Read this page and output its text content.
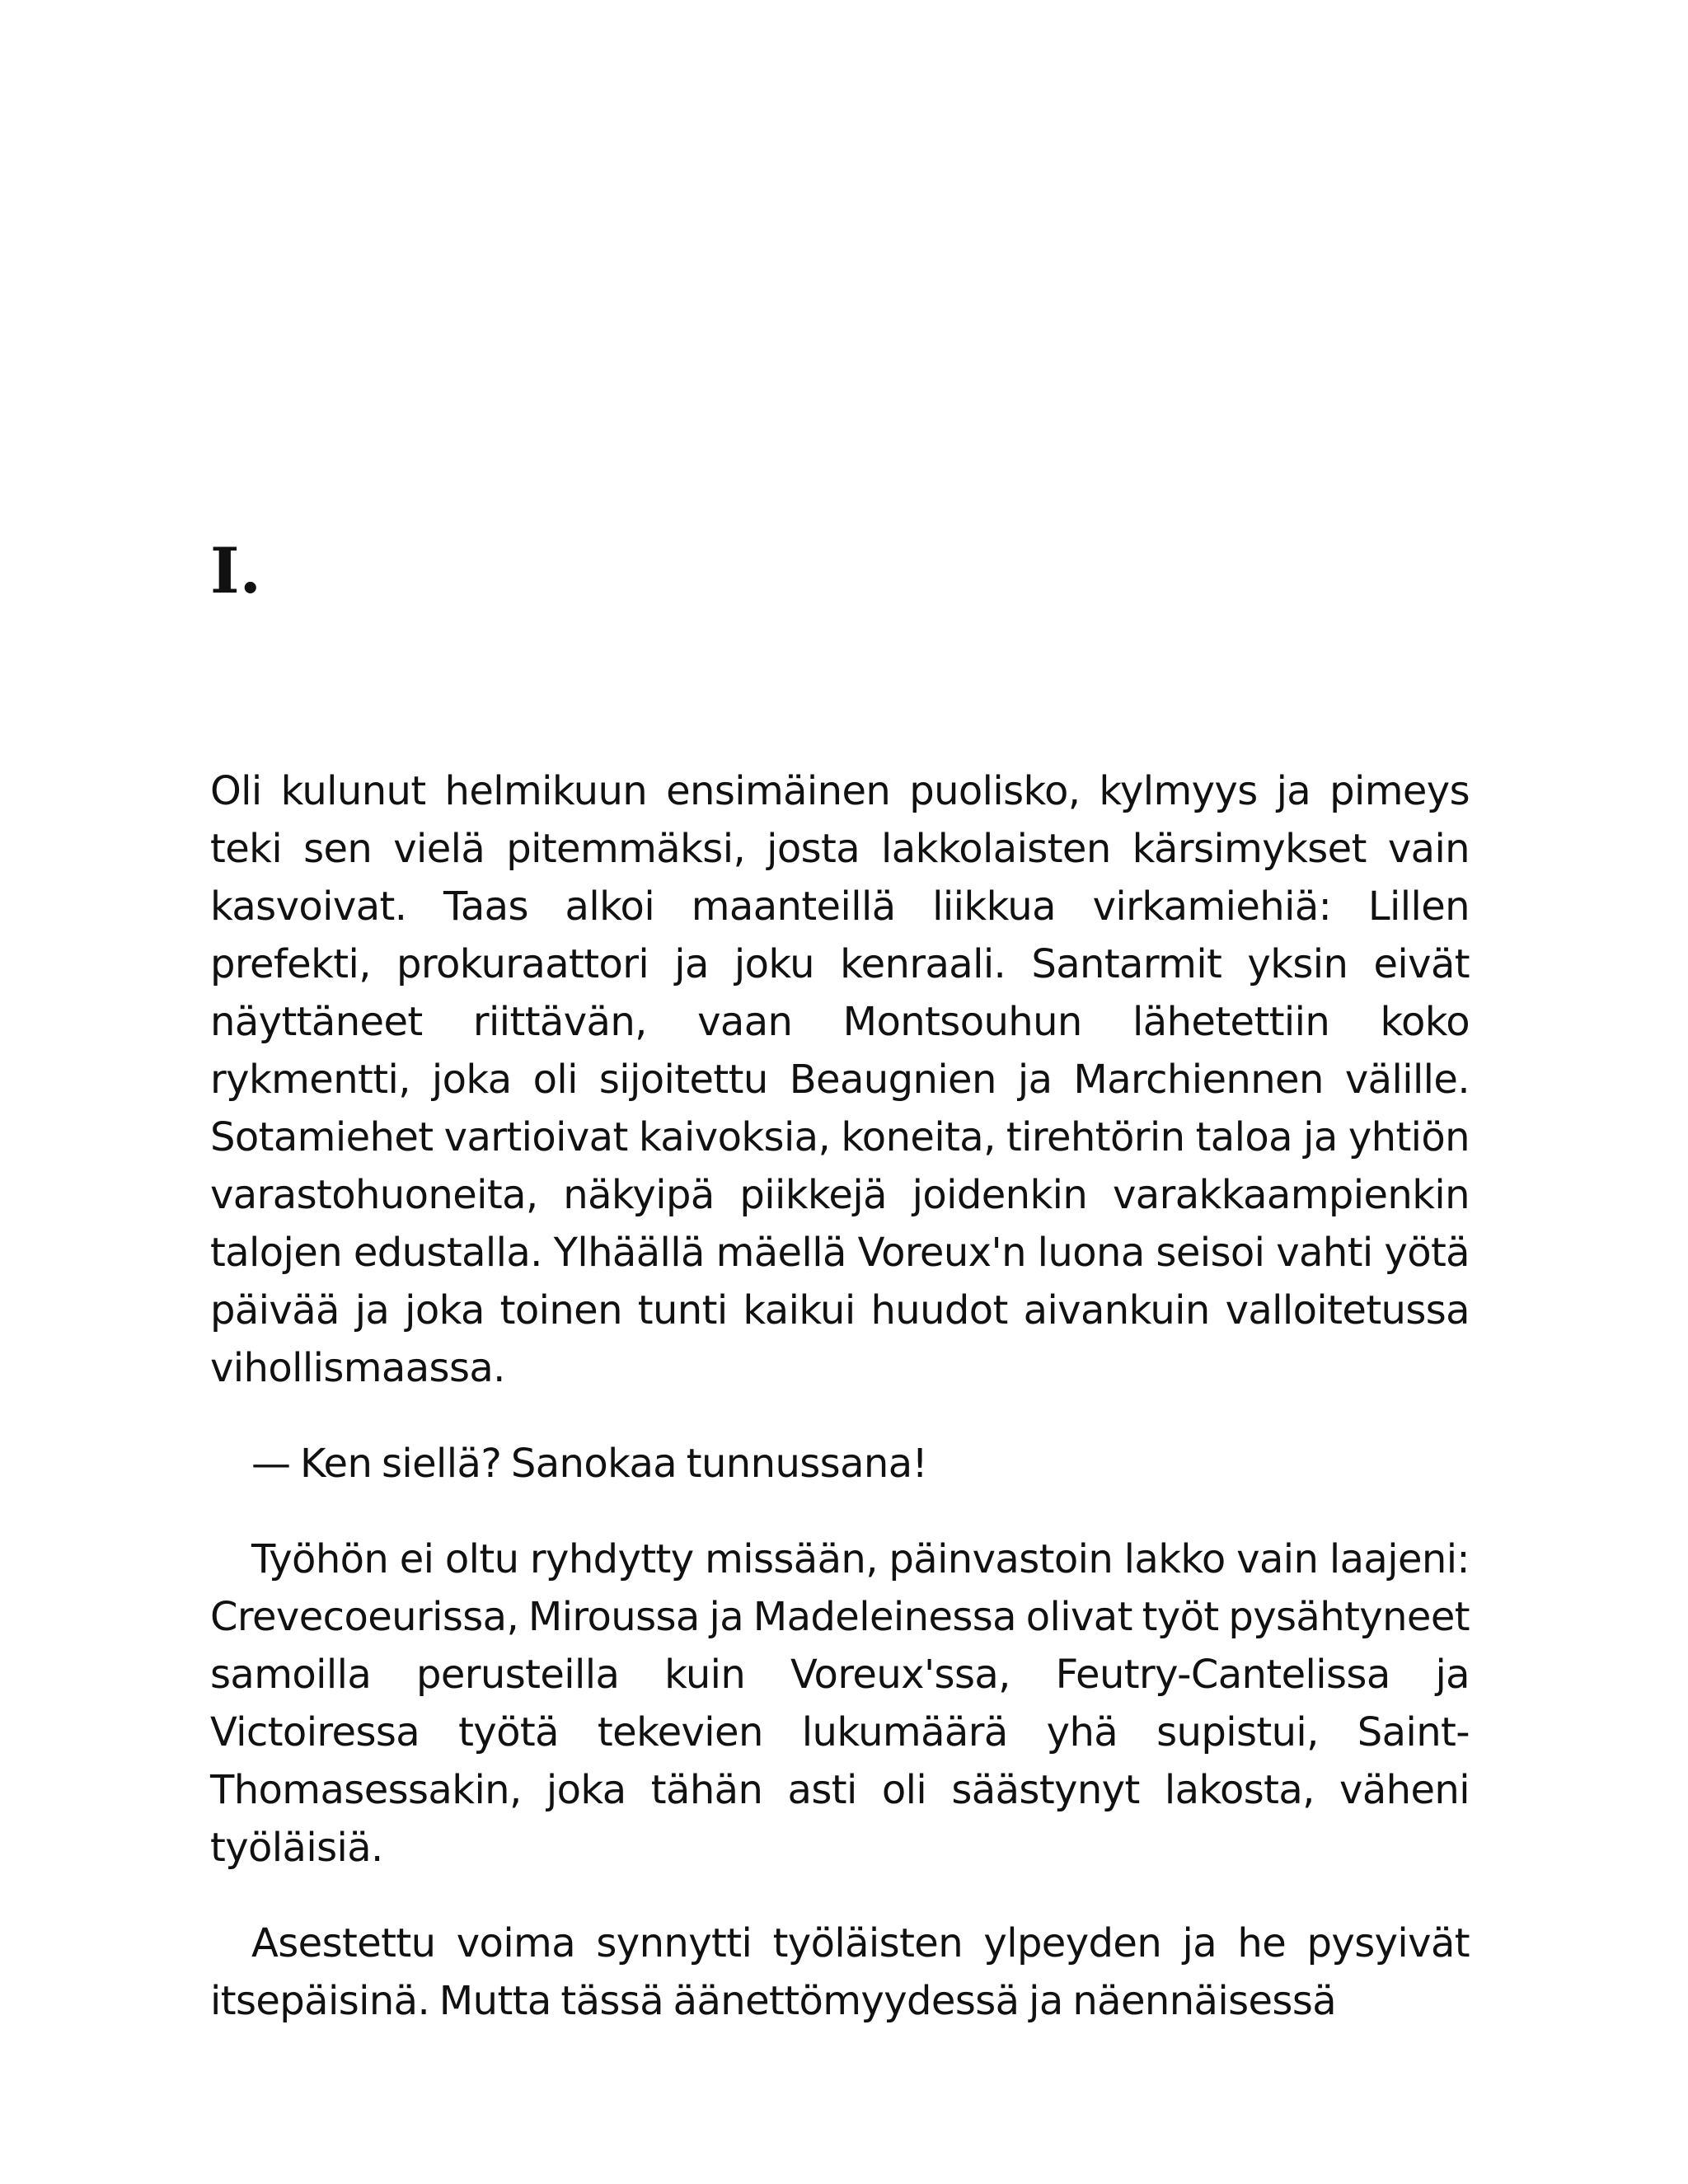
I.

Oli kulunut helmikuun ensimäinen puolisko, kylmyys ja pimeys teki sen vielä pitemmäksi, josta lakkolaisten kärsimykset vain kasvoivat. Taas alkoi maanteillä liikkua virkamiehiä: Lillen prefekti, prokuraattori ja joku kenraali. Santarmit yksin eivät näyttäneet riittävän, vaan Montsouhun lähetettiin koko rykmentti, joka oli sijoitettu Beaugnien ja Marchiennen välille. Sotamiehet vartioivat kaivoksia, koneita, tirehtörin taloa ja yhtiön varastohuoneita, näkyipä piikkejä joidenkin varakkaampienkin talojen edustalla. Ylhäällä mäellä Voreux'n luona seisoi vahti yötä päivää ja joka toinen tunti kaikui huudot aivankuin valloitetussa vihollismaassa.

— Ken siellä? Sanokaa tunnussana!

Työhön ei oltu ryhdytty missään, päinvastoin lakko vain laajeni: Crevecoeurissa, Miroussa ja Madeleinessa olivat työt pysähtyneet samoilla perusteilla kuin Voreux'ssa, Feutry-Cantelissa ja Victoiressa työtä tekevien lukumäärä yhä supistui, Saint-Thomasessakin, joka tähän asti oli säästynyt lakosta, väheni työläisiä.

Asestettu voima synnytti työläisten ylpeyden ja he pysyivät itsepäisinä. Mutta tässä äänettömyydessä ja näennäisessä
